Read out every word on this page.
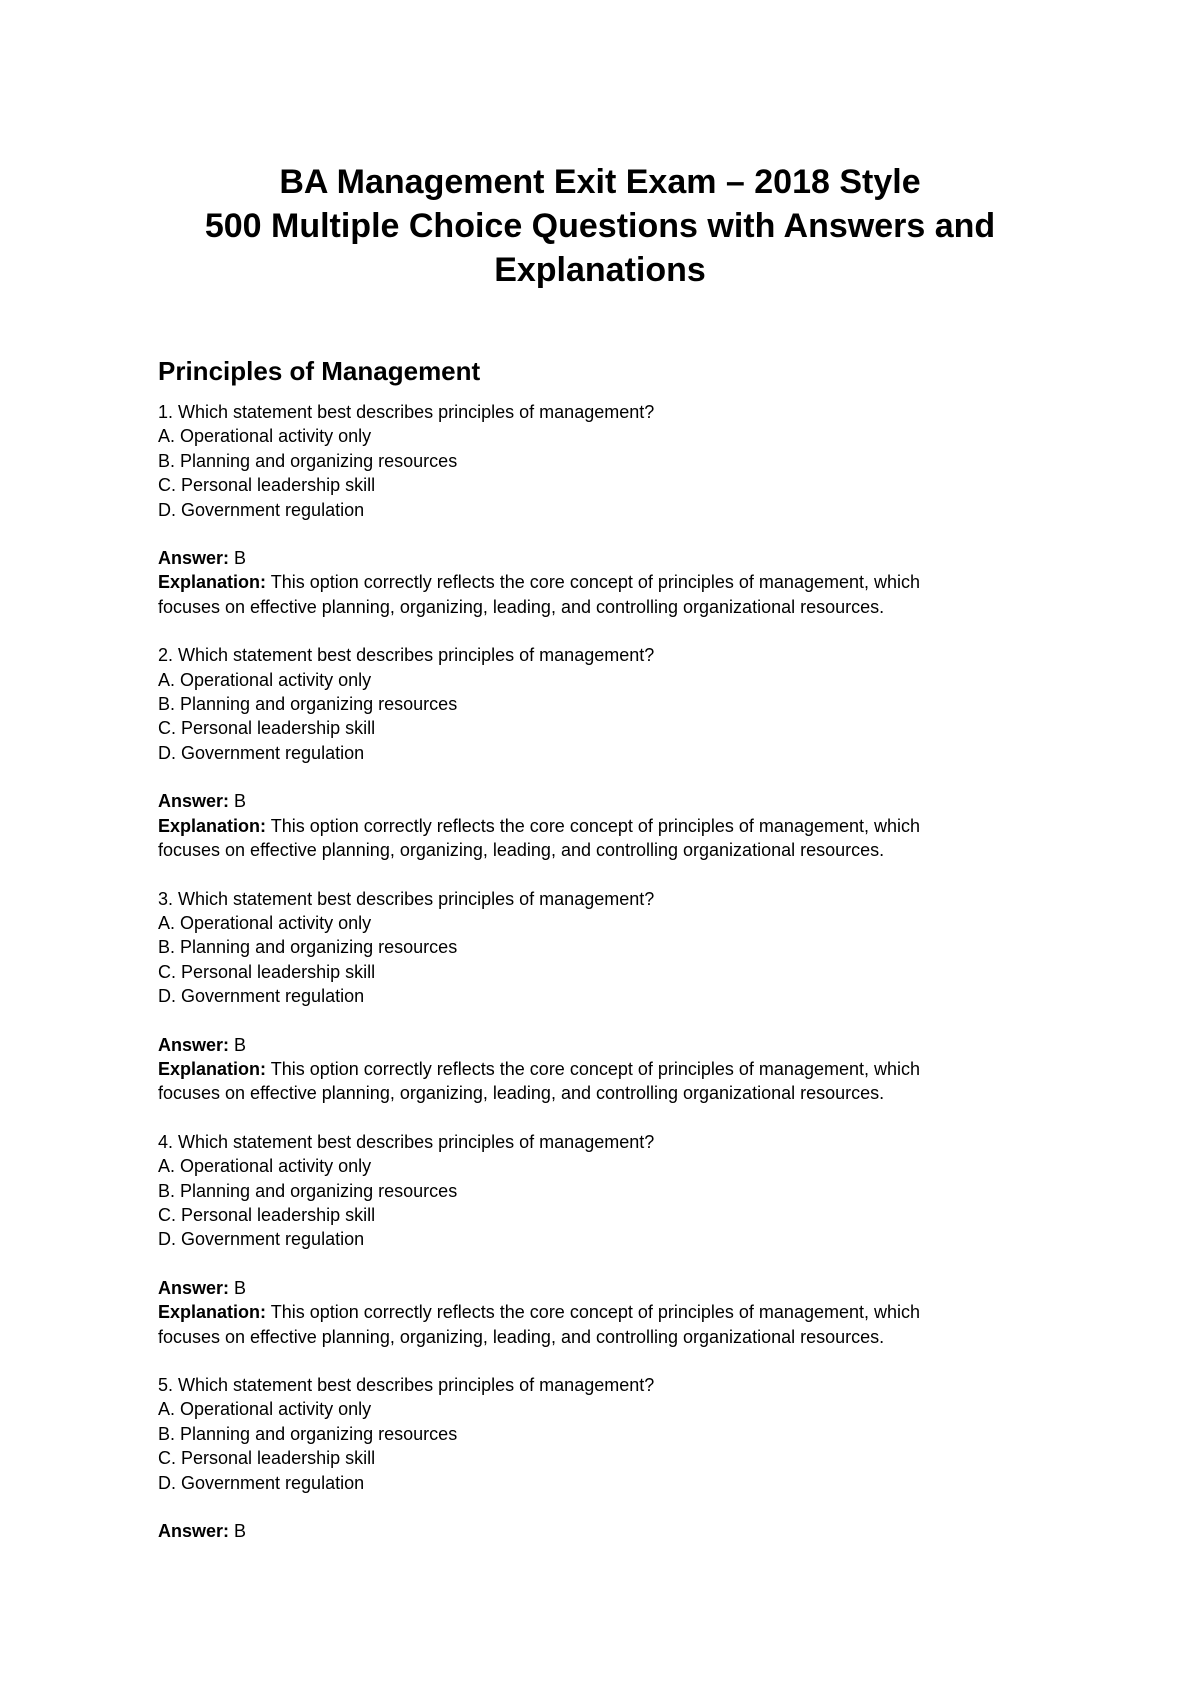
BA Management Exit Exam – 2018 Style
500 Multiple Choice Questions with Answers and
Explanations
Principles of Management
1. Which statement best describes principles of management?
A. Operational activity only
B. Planning and organizing resources
C. Personal leadership skill
D. Government regulation
Answer: B
Explanation: This option correctly reflects the core concept of principles of management, which
focuses on effective planning, organizing, leading, and controlling organizational resources.
2. Which statement best describes principles of management?
A. Operational activity only
B. Planning and organizing resources
C. Personal leadership skill
D. Government regulation
Answer: B
Explanation: This option correctly reflects the core concept of principles of management, which
focuses on effective planning, organizing, leading, and controlling organizational resources.
3. Which statement best describes principles of management?
A. Operational activity only
B. Planning and organizing resources
C. Personal leadership skill
D. Government regulation
Answer: B
Explanation: This option correctly reflects the core concept of principles of management, which
focuses on effective planning, organizing, leading, and controlling organizational resources.
4. Which statement best describes principles of management?
A. Operational activity only
B. Planning and organizing resources
C. Personal leadership skill
D. Government regulation
Answer: B
Explanation: This option correctly reflects the core concept of principles of management, which
focuses on effective planning, organizing, leading, and controlling organizational resources.
5. Which statement best describes principles of management?
A. Operational activity only
B. Planning and organizing resources
C. Personal leadership skill
D. Government regulation
Answer: B
